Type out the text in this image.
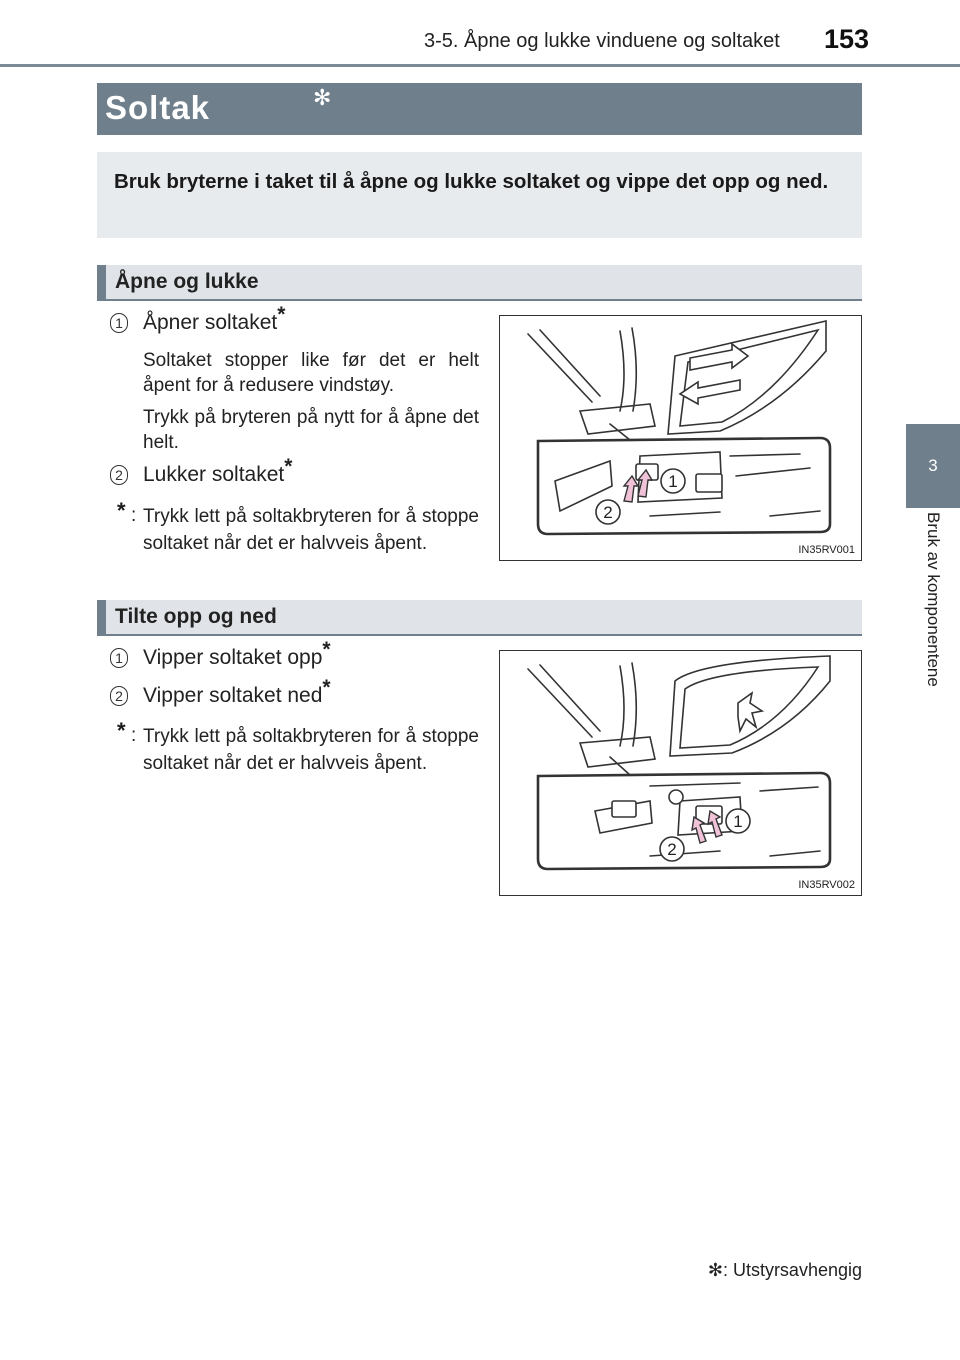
3-5. Åpne og lukke vinduene og soltaket 153
3
Bruk av komponentene
Soltak	✻
Bruk bryterne i taket til å åpne og lukke soltaket og vippe det opp og ned.
Åpne og lukke
1 Åpner soltaket*
Soltaket stopper like før det er helt åpent for å redusere vindstøy.
Trykk på bryteren på nytt for å åpne det helt.
2 Lukker soltaket*
* : Trykk lett på soltakbryteren for å stoppe soltaket når det er halvveis åpent.
1
2
IN35RV001
Tilte opp og ned
1 Vipper soltaket opp*
2 Vipper soltaket ned*
* : Trykk lett på soltakbryteren for å stoppe soltaket når det er halvveis åpent.
1
2
IN35RV002
✻: Utstyrsavhengig
